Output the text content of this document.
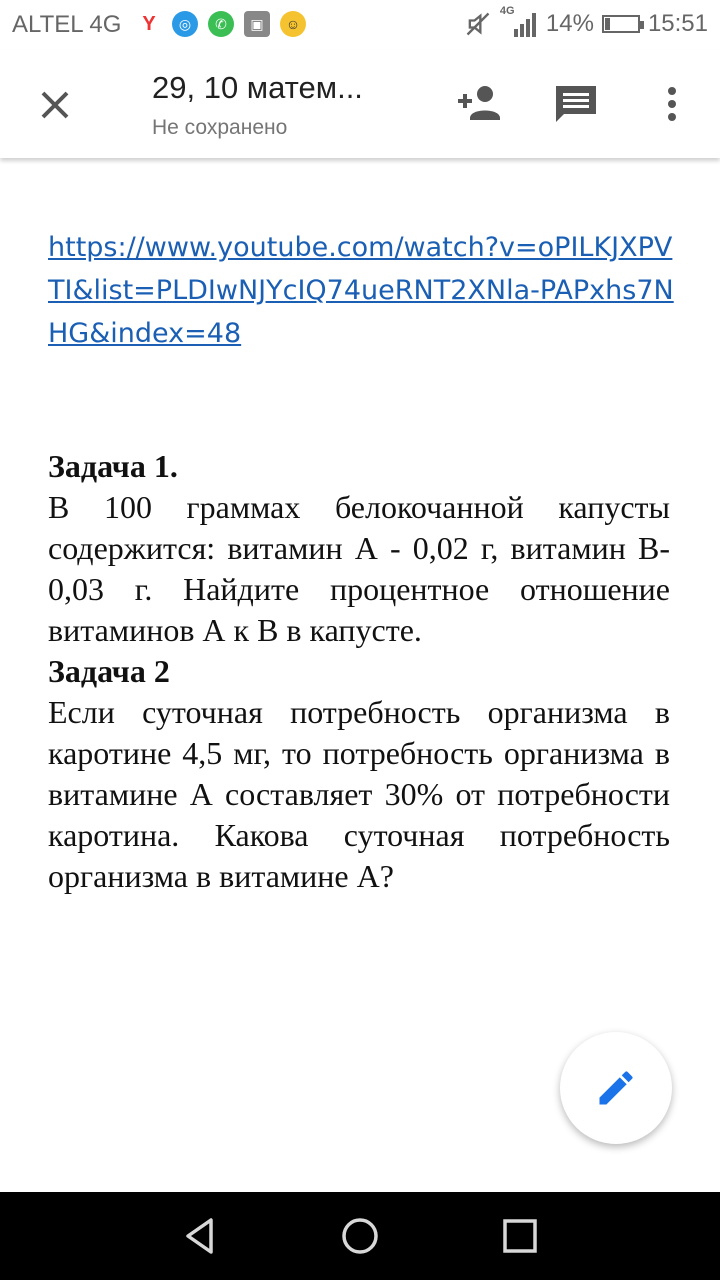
ALTEL 4G	Y	◎	✆	▣	☺
4G 14% 15:51
29, 10 матем...
Не сохранено
https://www.youtube.com/watch?v=oPILKJXPVTI&list=PLDIwNJYcIQ74ueRNT2XNla-PAPxhs7NHG&index=48
Задача 1.
В 100 граммах белокочанной капусты содержится: витамин А - 0,02 г, витамин В- 0,03 г. Найдите процентное отношение витаминов А к В в капусте.
Задача 2
Если суточная потребность организма в каротине 4,5 мг, то потребность организма в витамине А составляет 30% от потребности каротина. Какова суточная потребность организма в витамине А?
